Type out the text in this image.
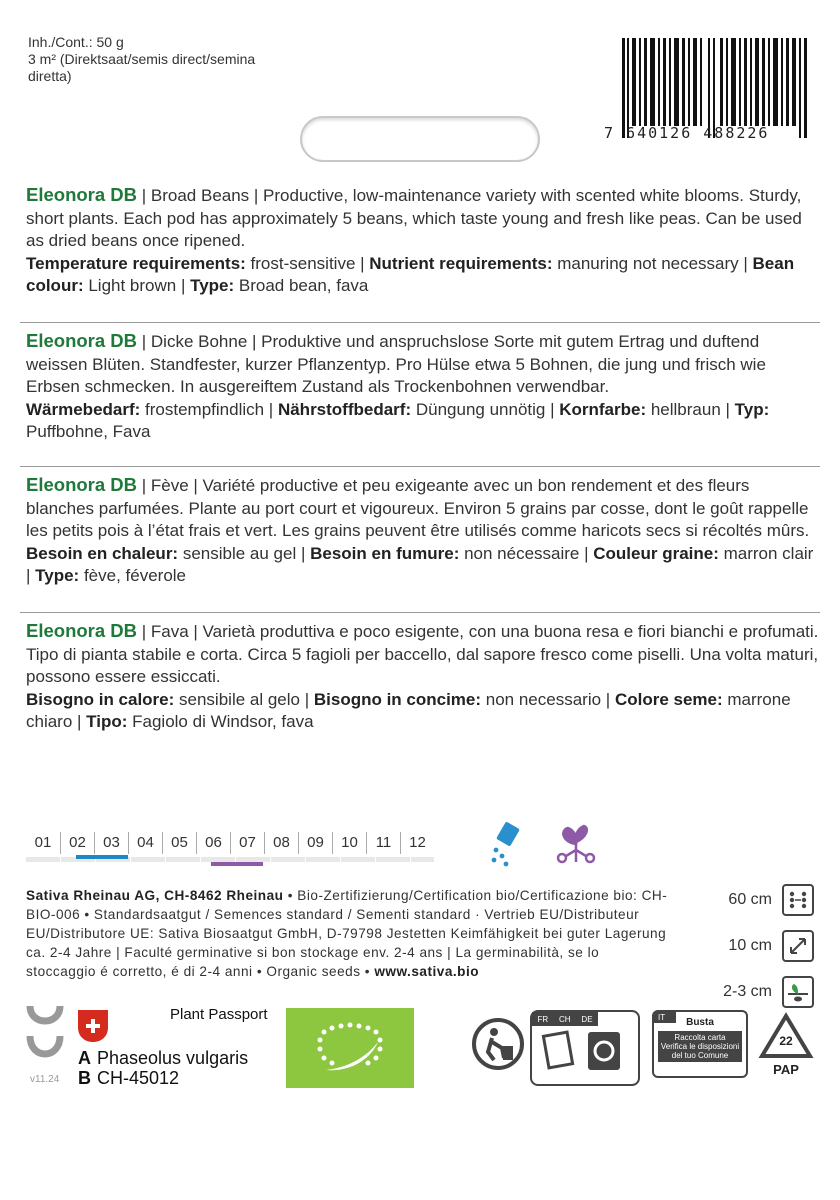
Inh./Cont.: 50 g
3 m² (Direktsaat/semis direct/semina diretta)
7 640126 488226
Eleonora DB | Broad Beans | Productive, low-maintenance variety with scented white blooms. Sturdy, short plants. Each pod has approximately 5 beans, which taste young and fresh like peas. Can be used as dried beans once ripened.
Temperature requirements: frost-sensitive | Nutrient requirements: manuring not necessary | Bean colour: Light brown | Type: Broad bean, fava
Eleonora DB | Dicke Bohne | Produktive und anspruchslose Sorte mit gutem Ertrag und duftend weissen Blüten. Standfester, kurzer Pflanzentyp. Pro Hülse etwa 5 Bohnen, die jung und frisch wie Erbsen schmecken. In ausgereiftem Zustand als Trockenbohnen verwendbar.
Wärmebedarf: frostempfindlich | Nährstoffbedarf: Düngung unnötig | Kornfarbe: hellbraun | Typ: Puffbohne, Fava
Eleonora DB | Fève | Variété productive et peu exigeante avec un bon rendement et des fleurs blanches parfumées. Plante au port court et vigoureux. Environ 5 grains par cosse, dont le goût rappelle les petits pois à l’état frais et vert. Les grains peuvent être utilisés comme haricots secs si récoltés mûrs.
Besoin en chaleur: sensible au gel | Besoin en fumure: non nécessaire | Couleur graine: marron clair | Type: fève, féverole
Eleonora DB | Fava | Varietà produttiva e poco esigente, con una buona resa e fiori bianchi e profumati. Tipo di pianta stabile e corta. Circa 5 fagioli per baccello, dal sapore fresco come piselli. Una volta maturi, possono essere essiccati.
Bisogno in calore: sensibile al gelo | Bisogno in concime: non necessario | Colore seme: marrone chiaro | Tipo: Fagiolo di Windsor, fava
01	02	03	04	05	06	07	08	09	10	11	12
Sativa Rheinau AG, CH-8462 Rheinau • Bio-Zertifizierung/Certification bio/Certificazione bio: CH-BIO-006 • Standardsaatgut / Semences standard / Sementi standard · Vertrieb EU/Distributeur EU/Distributore UE: Sativa Biosaatgut GmbH, D-79798 Jestetten Keimfähigkeit bei guter Lagerung ca. 2-4 Jahre | Faculté germinative si bon stockage env. 2-4 ans | La germinabilità, se lo stoccaggio é corretto, é di 2-4 anni • Organic seeds • www.sativa.bio
60 cm
10 cm
2-3 cm
Plant Passport
A Phaseolus vulgaris
B CH-45012
v11.24
FR CH DE	IT	Busta
Raccolta carta
Verifica le disposizioni del tuo Comune
22
PAP
